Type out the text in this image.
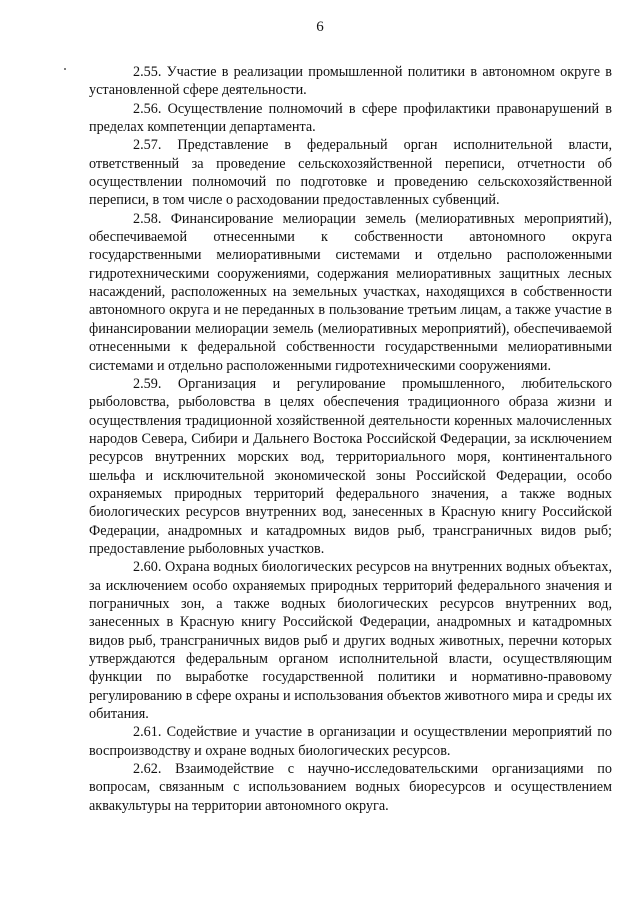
6

2.55. Участие в реализации промышленной политики в автономном округе в установленной сфере деятельности.

2.56. Осуществление полномочий в сфере профилактики правонарушений в пределах компетенции департамента.

2.57. Представление в федеральный орган исполнительной власти, ответственный за проведение сельскохозяйственной переписи, отчетности об осуществлении полномочий по подготовке и проведению сельскохозяйственной переписи, в том числе о расходовании предоставленных субвенций.

2.58. Финансирование мелиорации земель (мелиоративных мероприятий), обеспечиваемой отнесенными к собственности автономного округа государственными мелиоративными системами и отдельно расположенными гидротехническими сооружениями, содержания мелиоративных защитных лесных насаждений, расположенных на земельных участках, находящихся в собственности автономного округа и не переданных в пользование третьим лицам, а также участие в финансировании мелиорации земель (мелиоративных мероприятий), обеспечиваемой отнесенными к федеральной собственности государственными мелиоративными системами и отдельно расположенными гидротехническими сооружениями.

2.59. Организация и регулирование промышленного, любительского рыболовства, рыболовства в целях обеспечения традиционного образа жизни и осуществления традиционной хозяйственной деятельности коренных малочисленных народов Севера, Сибири и Дальнего Востока Российской Федерации, за исключением ресурсов внутренних морских вод, территориального моря, континентального шельфа и исключительной экономической зоны Российской Федерации, особо охраняемых природных территорий федерального значения, а также водных биологических ресурсов внутренних вод, занесенных в Красную книгу Российской Федерации, анадромных и катадромных видов рыб, трансграничных видов рыб; предоставление рыболовных участков.

2.60. Охрана водных биологических ресурсов на внутренних водных объектах, за исключением особо охраняемых природных территорий федерального значения и пограничных зон, а также водных биологических ресурсов внутренних вод, занесенных в Красную книгу Российской Федерации, анадромных и катадромных видов рыб, трансграничных видов рыб и других водных животных, перечни которых утверждаются федеральным органом исполнительной власти, осуществляющим функции по выработке государственной политики и нормативно-правовому регулированию в сфере охраны и использования объектов животного мира и среды их обитания.

2.61. Содействие и участие в организации и осуществлении мероприятий по воспроизводству и охране водных биологических ресурсов.

2.62. Взаимодействие с научно-исследовательскими организациями по вопросам, связанным с использованием водных биоресурсов и осуществлением аквакультуры на территории автономного округа.
